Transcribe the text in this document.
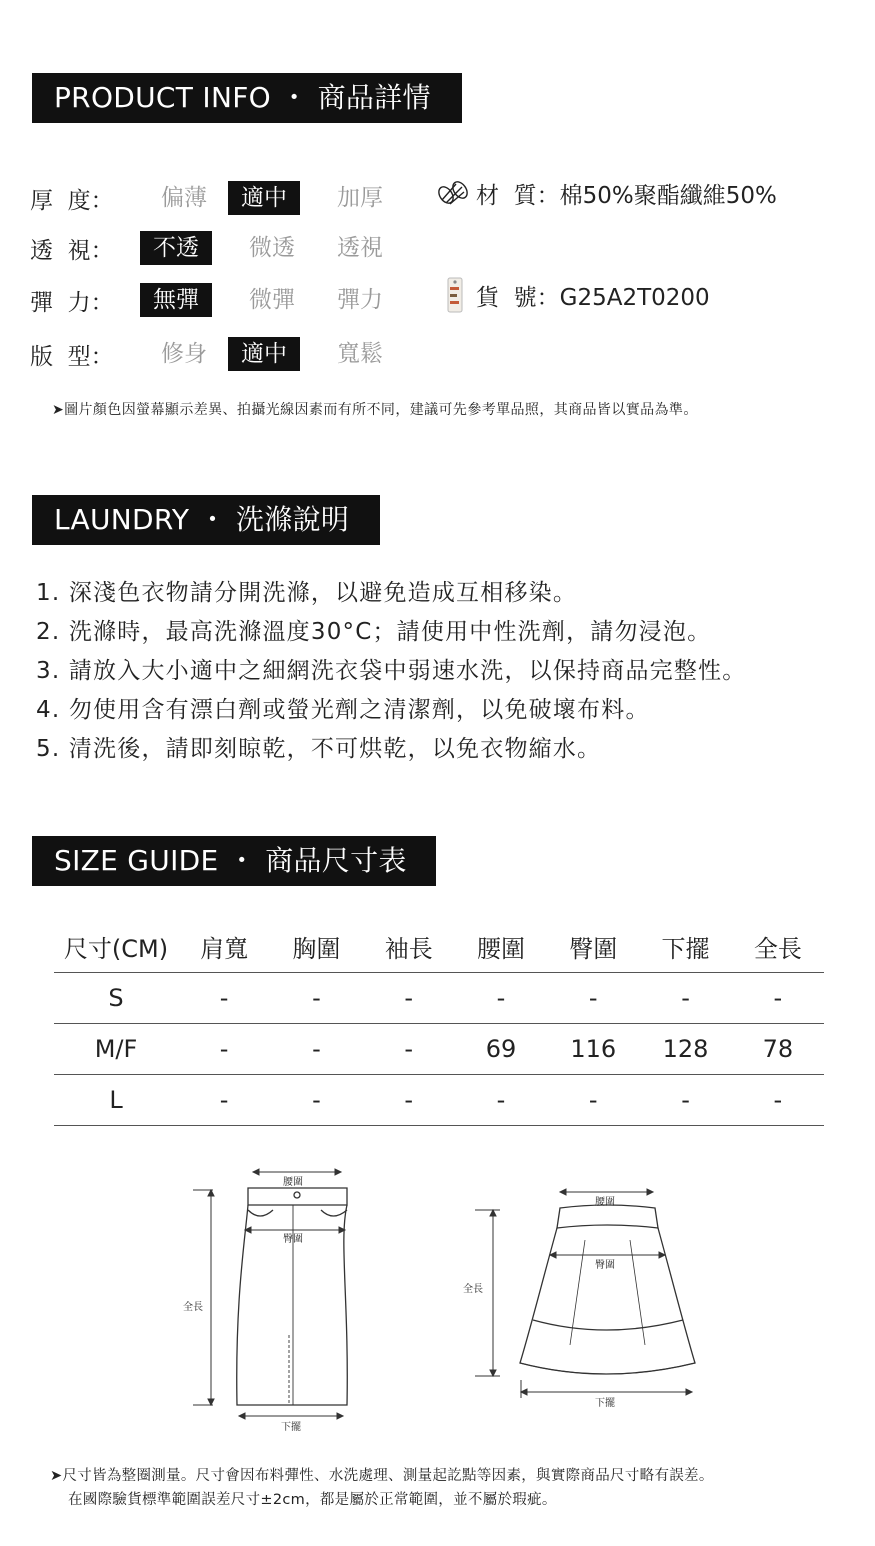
PRODUCT INFO ・ 商品詳情
厚  度：	偏薄	適中	加厚
透  視：	不透	微透	透視
彈  力：	無彈	微彈	彈力
版  型：	修身	適中	寬鬆
材  質：棉50%聚酯纖維50%
貨  號：G25A2T0200
➤圖片顏色因螢幕顯示差異、拍攝光線因素而有所不同，建議可先參考單品照，其商品皆以實品為準。
LAUNDRY ・ 洗滌說明
1. 深淺色衣物請分開洗滌，以避免造成互相移染。
2. 洗滌時，最高洗滌溫度30°C；請使用中性洗劑，請勿浸泡。
3. 請放入大小適中之細網洗衣袋中弱速水洗，以保持商品完整性。
4. 勿使用含有漂白劑或螢光劑之清潔劑，以免破壞布料。
5. 清洗後，請即刻晾乾，不可烘乾，以免衣物縮水。
SIZE GUIDE ・ 商品尺寸表
尺寸(CM)	肩寬	胸圍	袖長	腰圍	臀圍	下擺	全長
S	-	-	-	-	-	-	-
M/F	-	-	-	69	116	128	78
L	-	-	-	-	-	-	-
腰圍
臀圍
全長
下擺
腰圍
臀圍
全長
下擺
➤尺寸皆為整圈測量。尺寸會因布料彈性、水洗處理、測量起訖點等因素，與實際商品尺寸略有誤差。
在國際驗貨標準範圍誤差尺寸±2cm，都是屬於正常範圍，並不屬於瑕疵。
